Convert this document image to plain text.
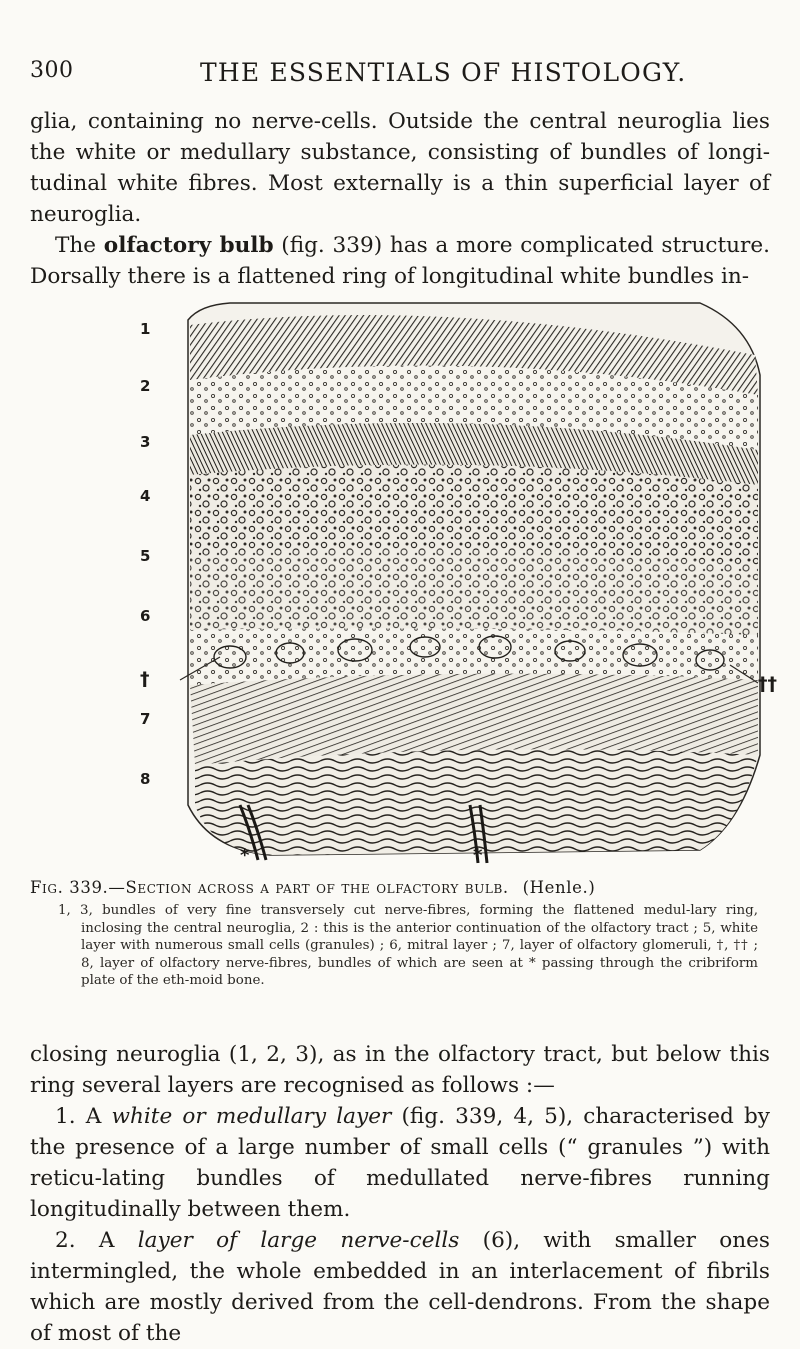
300	THE ESSENTIALS OF HISTOLOGY.

glia, containing no nerve-cells. Outside the central neuroglia lies the white or medullary substance, consisting of bundles of longi-tudinal white fibres. Most externally is a thin superficial layer of neuroglia.

The olfactory bulb (fig. 339) has a more complicated structure. Dorsally there is a flattened ring of longitudinal white bundles in-

1
2
3
4
5
6
†
7
8
††
*	*
Fig. 339.—Section across a part of the olfactory bulb. (Henle.)
1, 3, bundles of very fine transversely cut nerve-fibres, forming the flattened medul-lary ring, inclosing the central neuroglia, 2 : this is the anterior continuation of the olfactory tract ; 5, white layer with numerous small cells (granules) ; 6, mitral layer ; 7, layer of olfactory glomeruli, †, †† ; 8, layer of olfactory nerve-fibres, bundles of which are seen at * passing through the cribriform plate of the eth-moid bone.

closing neuroglia (1, 2, 3), as in the olfactory tract, but below this ring several layers are recognised as follows :—

1. A white or medullary layer (fig. 339, 4, 5), characterised by the presence of a large number of small cells (“ granules ”) with reticu-lating bundles of medullated nerve-fibres running longitudinally between them.

2. A layer of large nerve-cells (6), with smaller ones intermingled, the whole embedded in an interlacement of fibrils which are mostly derived from the cell-dendrons. From the shape of most of the
